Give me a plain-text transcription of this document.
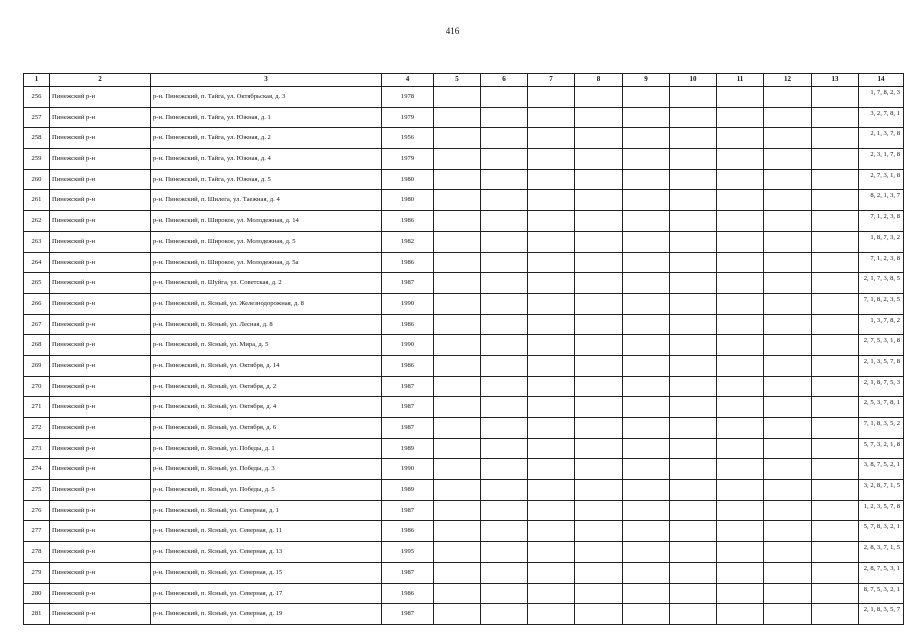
416
1	2	3	4	5	6	7	8	9	10	11	12	13	14
256	Пинежский р-н	р-н. Пинежский, п. Тайга, ул. Октябрьская, д. 3	1978										1, 7, 8, 2, 3
257	Пинежский р-н	р-н. Пинежский, п. Тайга, ул. Южная, д. 1	1979										3, 2, 7, 8, 1
258	Пинежский р-н	р-н. Пинежский, п. Тайга, ул. Южная, д. 2	1956										2, 1, 3, 7, 8
259	Пинежский р-н	р-н. Пинежский, п. Тайга, ул. Южная, д. 4	1979										2, 3, 1, 7, 8
260	Пинежский р-н	р-н. Пинежский, п. Тайга, ул. Южная, д. 5	1980										2, 7, 3, 1, 8
261	Пинежский р-н	р-н. Пинежский, п. Шилега, ул. Таежная, д. 4	1980										8, 2, 1, 3, 7
262	Пинежский р-н	р-н. Пинежский, п. Широкое, ул. Молодежная, д. 14	1986										7, 1, 2, 3, 8
263	Пинежский р-н	р-н. Пинежский, п. Широкое, ул. Молодежная, д. 5	1982										1, 8, 7, 3, 2
264	Пинежский р-н	р-н. Пинежский, п. Широкое, ул. Молодежная, д. 5а	1986										7, 1, 2, 3, 8
265	Пинежский р-н	р-н. Пинежский, п. Шуйга, ул. Советская, д. 2	1987										2, 1, 7, 3, 8, 5
266	Пинежский р-н	р-н. Пинежский, п. Ясный, ул. Железнодорожная, д. 8	1990										7, 1, 8, 2, 3, 5
267	Пинежский р-н	р-н. Пинежский, п. Ясный, ул. Лесная, д. 8	1986										1, 3, 7, 8, 2
268	Пинежский р-н	р-н. Пинежский, п. Ясный, ул. Мира, д. 5	1990										2, 7, 5, 3, 1, 8
269	Пинежский р-н	р-н. Пинежский, п. Ясный, ул. Октября, д. 14	1986										2, 1, 3, 5, 7, 8
270	Пинежский р-н	р-н. Пинежский, п. Ясный, ул. Октября, д. 2	1987										2, 1, 8, 7, 5, 3
271	Пинежский р-н	р-н. Пинежский, п. Ясный, ул. Октября, д. 4	1987										2, 5, 3, 7, 8, 1
272	Пинежский р-н	р-н. Пинежский, п. Ясный, ул. Октября, д. 6	1987										7, 1, 8, 3, 5, 2
273	Пинежский р-н	р-н. Пинежский, п. Ясный, ул. Победы, д. 1	1989										5, 7, 3, 2, 1, 8
274	Пинежский р-н	р-н. Пинежский, п. Ясный, ул. Победы, д. 3	1990										3, 8, 7, 5, 2, 1
275	Пинежский р-н	р-н. Пинежский, п. Ясный, ул. Победы, д. 5	1989										3, 2, 8, 7, 1, 5
276	Пинежский р-н	р-н. Пинежский, п. Ясный, ул. Северная, д. 1	1987										1, 2, 3, 5, 7, 8
277	Пинежский р-н	р-н. Пинежский, п. Ясный, ул. Северная, д. 11	1986										5, 7, 8, 3, 2, 1
278	Пинежский р-н	р-н. Пинежский, п. Ясный, ул. Северная, д. 13	1995										2, 8, 3, 7, 1, 5
279	Пинежский р-н	р-н. Пинежский, п. Ясный, ул. Северная, д. 15	1987										2, 8, 7, 5, 3, 1
280	Пинежский р-н	р-н. Пинежский, п. Ясный, ул. Северная, д. 17	1986										8, 7, 5, 3, 2, 1
281	Пинежский р-н	р-н. Пинежский, п. Ясный, ул. Северная, д. 19	1987										2, 1, 8, 3, 5, 7
